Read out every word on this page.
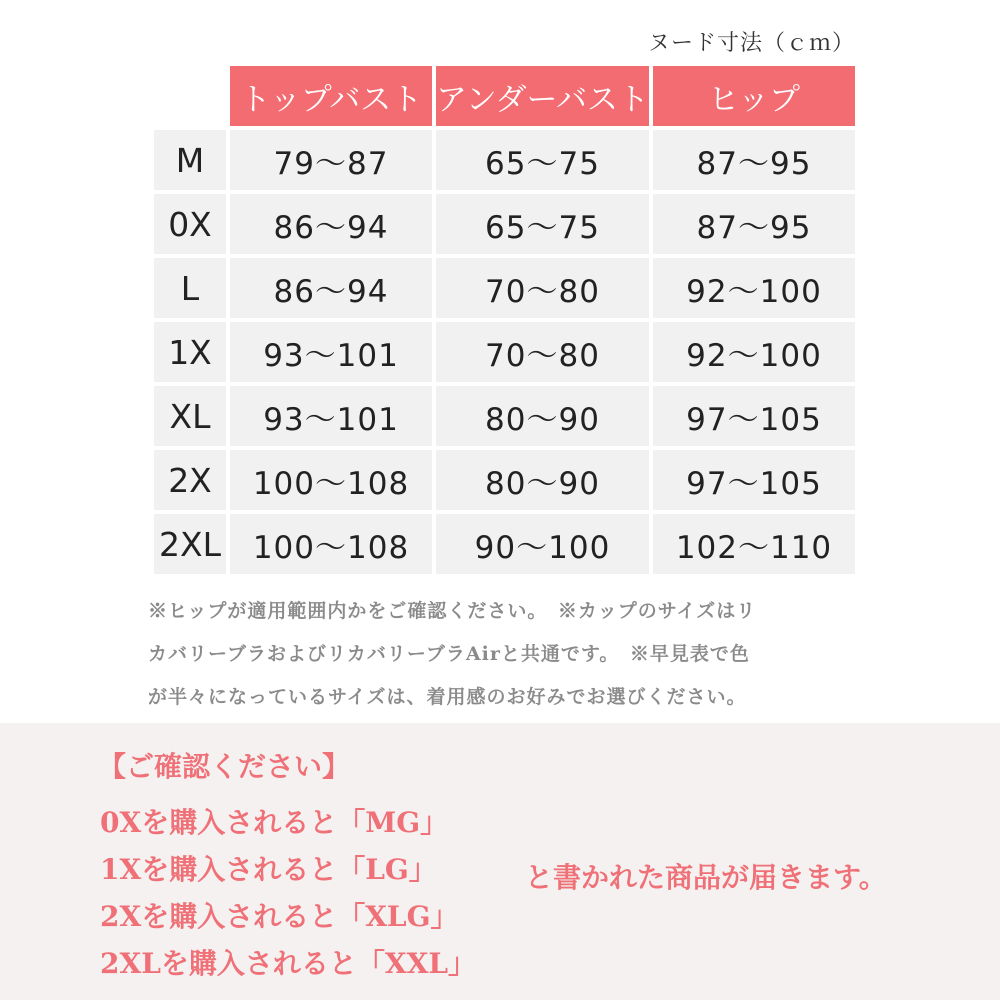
ヌード寸法（ｃｍ）
	トップバスト	アンダーバスト	ヒップ
M	79〜87	65〜75	87〜95
0X	86〜94	65〜75	87〜95
L	86〜94	70〜80	92〜100
1X	93〜101	70〜80	92〜100
XL	93〜101	80〜90	97〜105
2X	100〜108	80〜90	97〜105
2XL	100〜108	90〜100	102〜110
※ヒップが適用範囲内かをご確認ください。　※カップのサイズはリ
カバリーブラおよびリカバリーブラAirと共通です。　※早見表で色
が半々になっているサイズは、着用感のお好みでお選びください。
【ご確認ください】
0Xを購入されると「MG」
1Xを購入されると「LG」
2Xを購入されると「XLG」
2XLを購入されると「XXL」
と書かれた商品が届きます。
